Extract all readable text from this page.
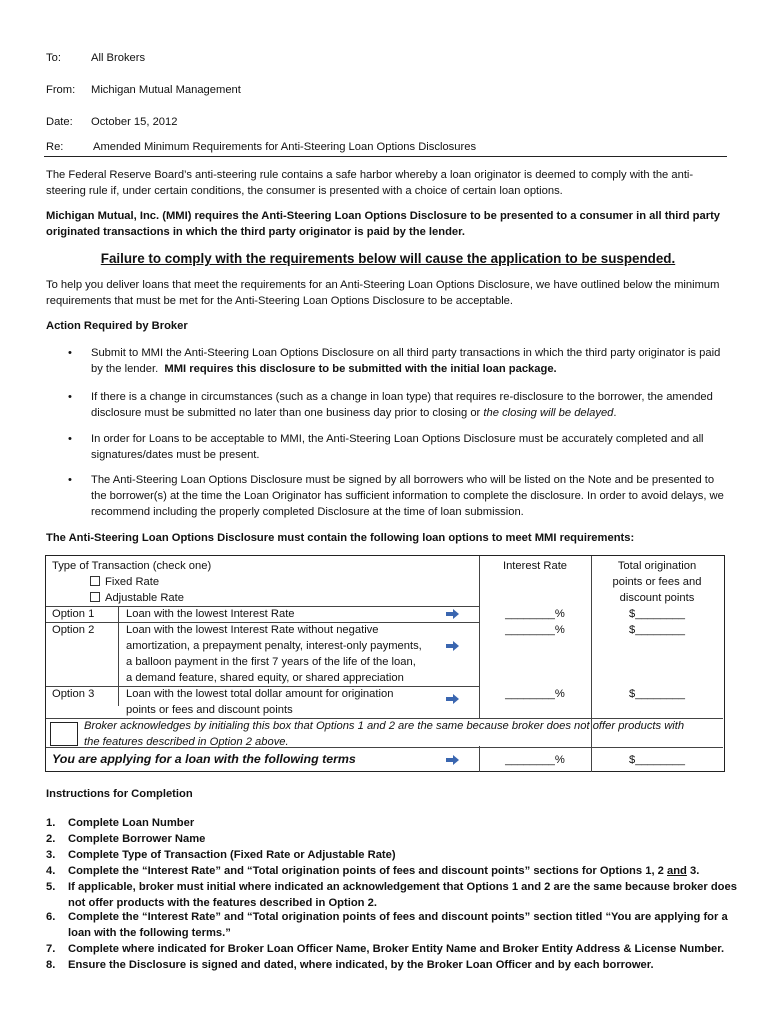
To:	All Brokers
From:	Michigan Mutual Management
Date:	October 15, 2012
Re:	Amended Minimum Requirements for Anti-Steering Loan Options Disclosures
The Federal Reserve Board’s anti-steering rule contains a safe harbor whereby a loan originator is deemed to comply with the anti-steering rule if, under certain conditions, the consumer is presented with a choice of certain loan options.
Michigan Mutual, Inc. (MMI) requires the Anti-Steering Loan Options Disclosure to be presented to a consumer in all third party originated transactions in which the third party originator is paid by the lender.
Failure to comply with the requirements below will cause the application to be suspended.
To help you deliver loans that meet the requirements for an Anti-Steering Loan Options Disclosure, we have outlined below the minimum requirements that must be met for the Anti-Steering Loan Options Disclosure to be acceptable.
Action Required by Broker
•	Submit to MMI the Anti-Steering Loan Options Disclosure on all third party transactions in which the third party originator is paid by the lender. MMI requires this disclosure to be submitted with the initial loan package.
•	If there is a change in circumstances (such as a change in loan type) that requires re-disclosure to the borrower, the amended disclosure must be submitted no later than one business day prior to closing or the closing will be delayed.
•	In order for Loans to be acceptable to MMI, the Anti-Steering Loan Options Disclosure must be accurately completed and all signatures/dates must be present.
•	The Anti-Steering Loan Options Disclosure must be signed by all borrowers who will be listed on the Note and be presented to the borrower(s) at the time the Loan Originator has sufficient information to complete the disclosure. In order to avoid delays, we recommend including the properly completed Disclosure at the time of loan submission.
The Anti-Steering Loan Options Disclosure must contain the following loan options to meet MMI requirements:
Type of Transaction (check one)
Fixed Rate
Adjustable Rate
Interest Rate	Total origination
points or fees and
discount points
Option 1	Loan with the lowest Interest Rate	________%	$________
Option 2	Loan with the lowest Interest Rate without negative
amortization, a prepayment penalty, interest-only payments,
a balloon payment in the first 7 years of the life of the loan,
a demand feature, shared equity, or shared appreciation
________%	$________
Option 3	Loan with the lowest total dollar amount for origination
points or fees and discount points
________%	$________
Broker acknowledges by initialing this box that Options 1 and 2 are the same because broker does not offer products with
the features described in Option 2 above.
You are applying for a loan with the following terms	________%	$________
Instructions for Completion
1.	Complete Loan Number
2.	Complete Borrower Name
3.	Complete Type of Transaction (Fixed Rate or Adjustable Rate)
4.	Complete the “Interest Rate” and “Total origination points of fees and discount points” sections for Options 1, 2 and 3.
5.	If applicable, broker must initial where indicated an acknowledgement that Options 1 and 2 are the same because broker does not offer products with the features described in Option 2.
6.	Complete the “Interest Rate” and “Total origination points of fees and discount points” section titled “You are applying for a loan with the following terms.”
7.	Complete where indicated for Broker Loan Officer Name, Broker Entity Name and Broker Entity Address & License Number.
8.	Ensure the Disclosure is signed and dated, where indicated, by the Broker Loan Officer and by each borrower.
